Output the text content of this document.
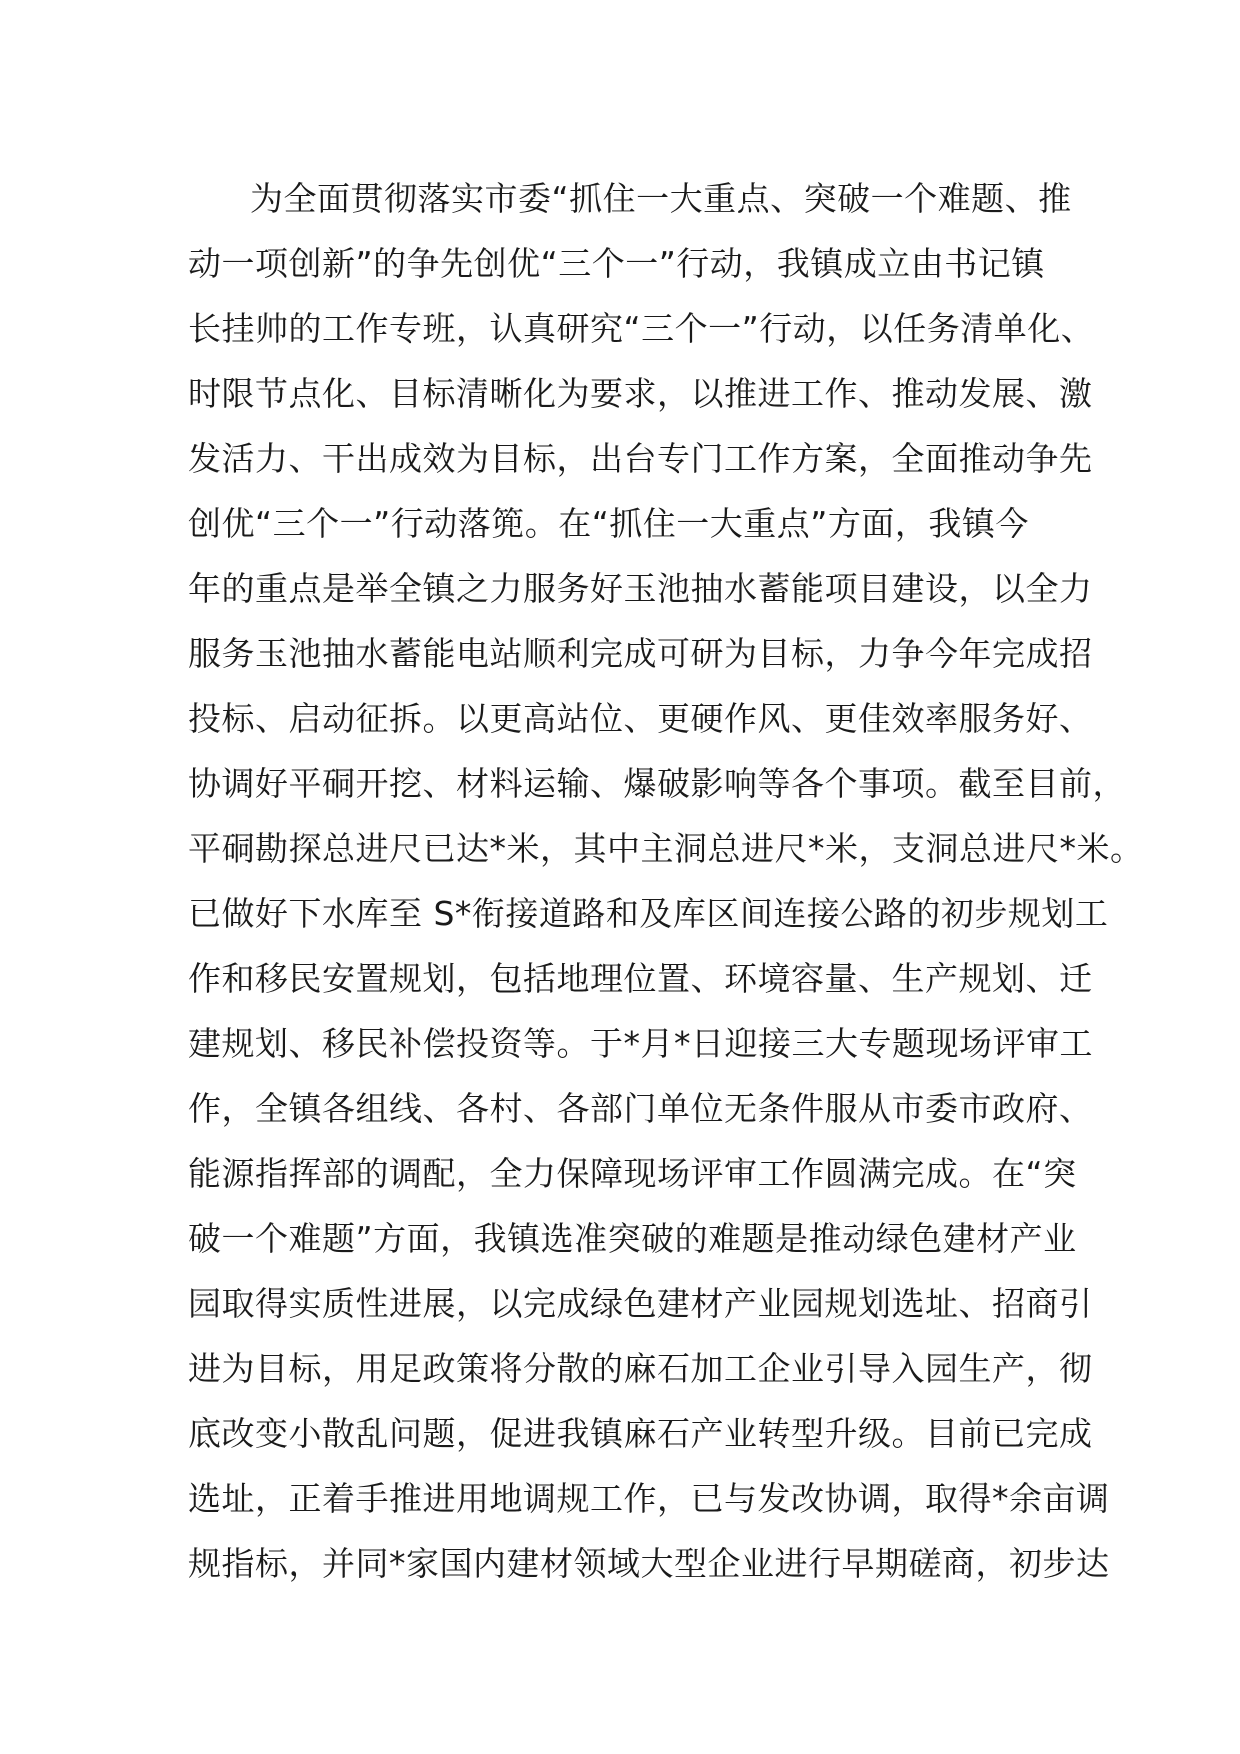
为全面贯彻落实市委“抓住一大重点、突破一个难题、推
动一项创新”的争先创优“三个一”行动，我镇成立由书记镇
长挂帅的工作专班，认真研究“三个一”行动，以任务清单化、
时限节点化、目标清晰化为要求，以推进工作、推动发展、激
发活力、干出成效为目标，出台专门工作方案，全面推动争先
创优“三个一”行动落篼。在“抓住一大重点”方面，我镇今
年的重点是举全镇之力服务好玉池抽水蓄能项目建设，以全力
服务玉池抽水蓄能电站顺利完成可研为目标，力争今年完成招
投标、启动征拆。以更高站位、更硬作风、更佳效率服务好、
协调好平硐开挖、材料运输、爆破影响等各个事项。截至目前，
平硐勘探总进尺已达*米，其中主洞总进尺*米，支洞总进尺*米。
已做好下水库至 S*衔接道路和及库区间连接公路的初步规划工
作和移民安置规划，包括地理位置、环境容量、生产规划、迁
建规划、移民补偿投资等。于*月*日迎接三大专题现场评审工
作，全镇各组线、各村、各部门单位无条件服从市委市政府、
能源指挥部的调配，全力保障现场评审工作圆满完成。在“突
破一个难题”方面，我镇选准突破的难题是推动绿色建材产业
园取得实质性进展，以完成绿色建材产业园规划选址、招商引
进为目标，用足政策将分散的麻石加工企业引导入园生产，彻
底改变小散乱问题，促进我镇麻石产业转型升级。目前已完成
选址，正着手推进用地调规工作，已与发改协调，取得*余亩调
规指标，并同*家国内建材领域大型企业进行早期磋商，初步达
